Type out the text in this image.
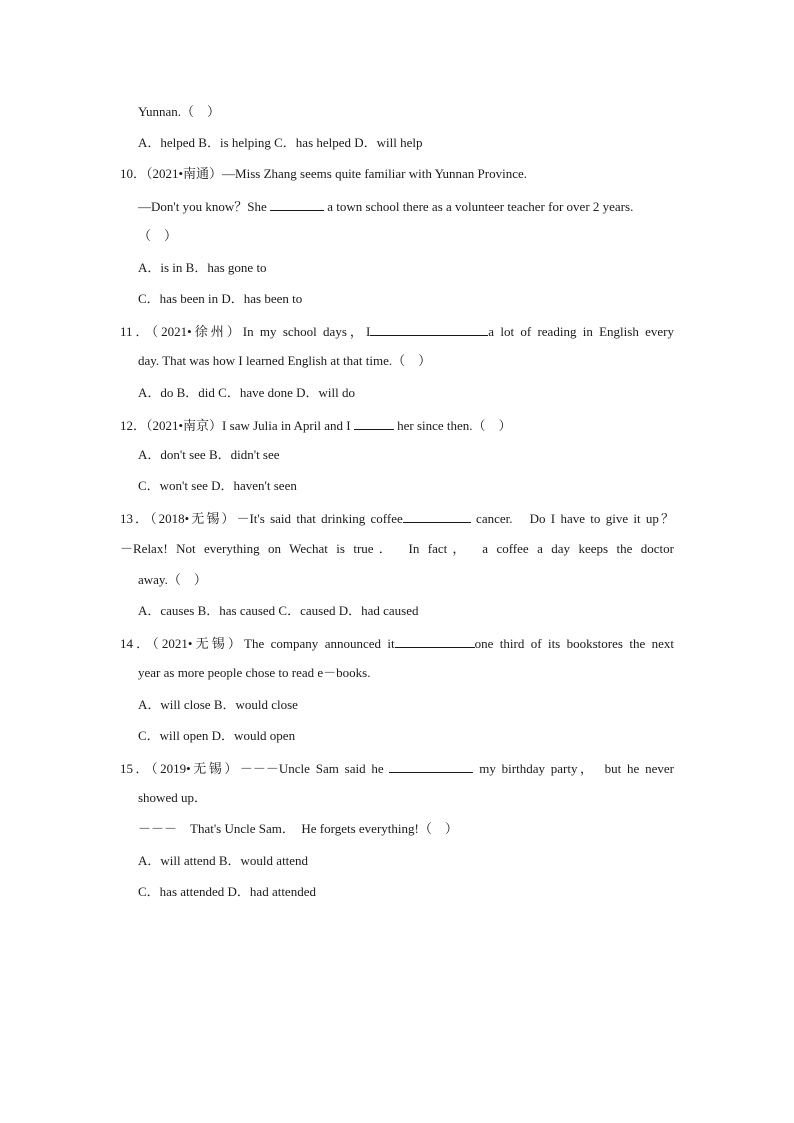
Yunnan.（　）
A．helped B．is helping C．has helped D．will help
10．（2021•南通）—Miss Zhang seems quite familiar with Yunnan Province.
—Don't you know？She	a town school there as a volunteer teacher for over 2 years.
（　）
A．is in B．has gone to
C．has been in D．has been to
11．（2021•徐州）In my school days，I	a lot of reading in English every
day. That was how I learned English at that time.（　）
A．do B．did C．have done D．will do
12．（2021•南京）I saw Julia in April and I	her since then.（　）
A．don't see B．didn't see
C．won't see D．haven't seen
13．（2018•无锡）－It's said that drinking coffee	cancer.　Do I have to give it up？
－Relax! Not everything on Wechat is true．　In fact，　a coffee a day keeps the doctor
away.（　）
A．causes B．has caused C．caused D．had caused
14．（2021•无锡）The company announced it	one third of its bookstores the next
year as more people chose to read e－books.
A．will close B．would close
C．will open D．would open
15．（2019•无锡）－－－Uncle Sam said he	my birthday party，　but he never
showed up．
－－－　That's Uncle Sam．　He forgets everything!（　）
A．will attend B．would attend
C．has attended D．had attended
